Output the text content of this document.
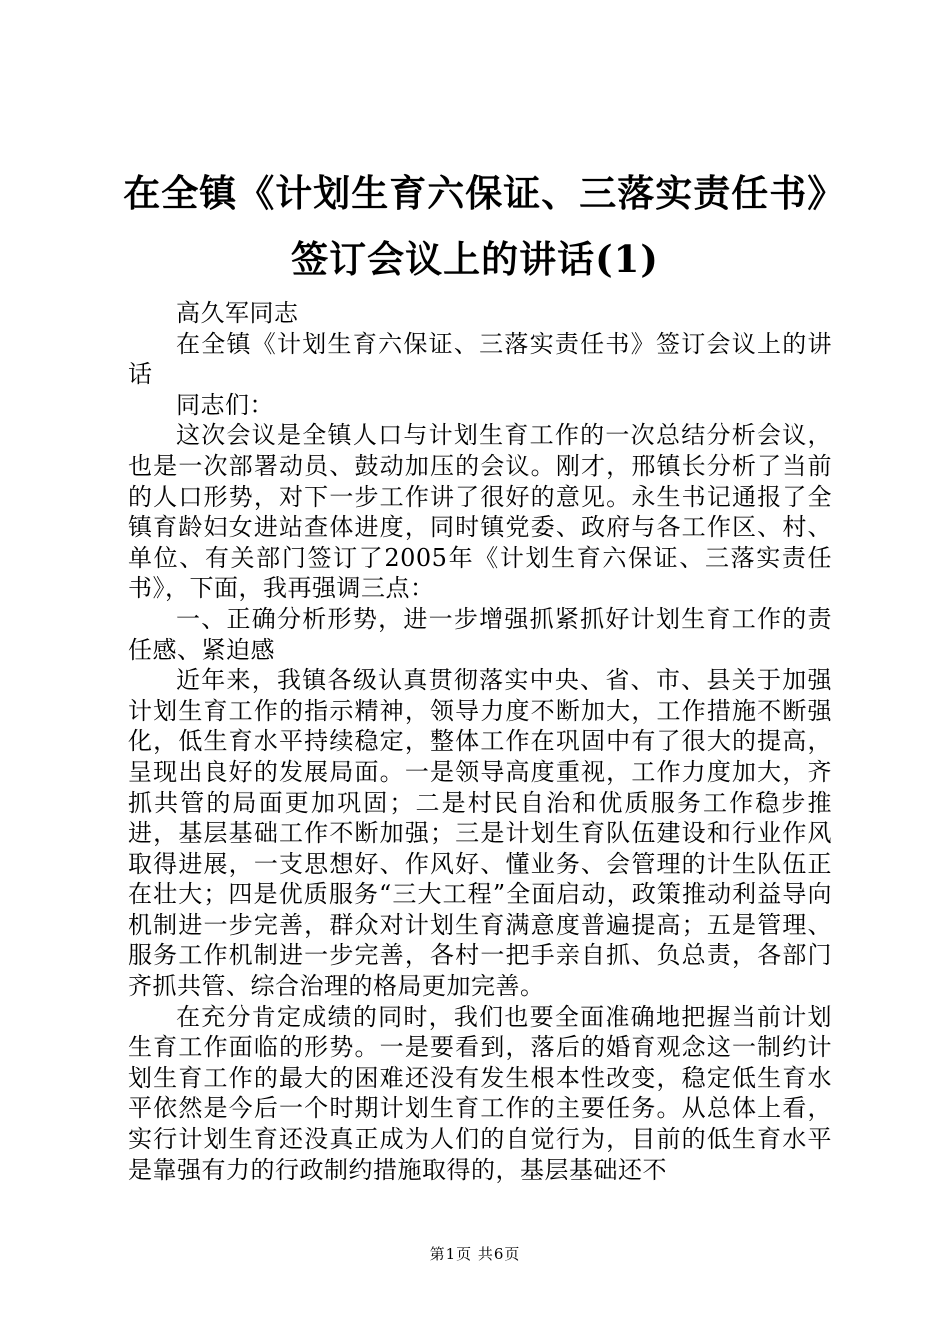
在全镇《计划生育六保证、三落实责任书》签订会议上的讲话(1)

高久军同志

在全镇《计划生育六保证、三落实责任书》签订会议上的讲话

同志们：

这次会议是全镇人口与计划生育工作的一次总结分析会议，也是一次部署动员、鼓动加压的会议。刚才，邢镇长分析了当前的人口形势，对下一步工作讲了很好的意见。永生书记通报了全镇育龄妇女进站查体进度，同时镇党委、政府与各工作区、村、单位、有关部门签订了2005年《计划生育六保证、三落实责任书》，下面，我再强调三点：

一、正确分析形势，进一步增强抓紧抓好计划生育工作的责任感、紧迫感

近年来，我镇各级认真贯彻落实中央、省、市、县关于加强计划生育工作的指示精神，领导力度不断加大，工作措施不断强化，低生育水平持续稳定，整体工作在巩固中有了很大的提高，呈现出良好的发展局面。一是领导高度重视，工作力度加大，齐抓共管的局面更加巩固；二是村民自治和优质服务工作稳步推进，基层基础工作不断加强；三是计划生育队伍建设和行业作风取得进展，一支思想好、作风好、懂业务、会管理的计生队伍正在壮大；四是优质服务“三大工程”全面启动，政策推动利益导向机制进一步完善，群众对计划生育满意度普遍提高；五是管理、服务工作机制进一步完善，各村一把手亲自抓、负总责，各部门齐抓共管、综合治理的格局更加完善。

在充分肯定成绩的同时，我们也要全面准确地把握当前计划生育工作面临的形势。一是要看到，落后的婚育观念这一制约计划生育工作的最大的困难还没有发生根本性改变，稳定低生育水平依然是今后一个时期计划生育工作的主要任务。从总体上看，实行计划生育还没真正成为人们的自觉行为，目前的低生育水平是靠强有力的行政制约措施取得的，基层基础还不

第1页 共6页
